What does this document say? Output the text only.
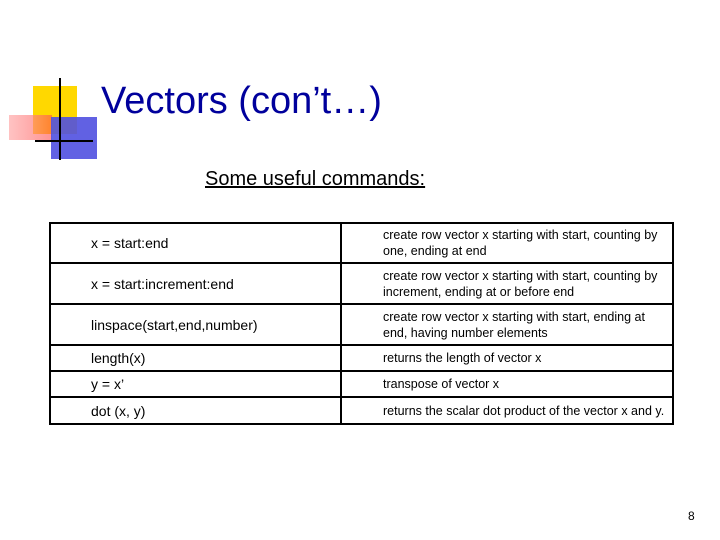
Vectors (con’t…)
Some useful commands:
x = start:end	create row vector x starting with start, counting by one, ending at end
x = start:increment:end	create row vector x starting with start, counting by increment, ending at or before end
linspace(start,end,number)	create row vector x starting with start, ending at end, having number elements
length(x)	returns the length of vector x
y = x’	transpose of vector x
dot (x, y)	returns the scalar dot product of the vector x and y.
8
